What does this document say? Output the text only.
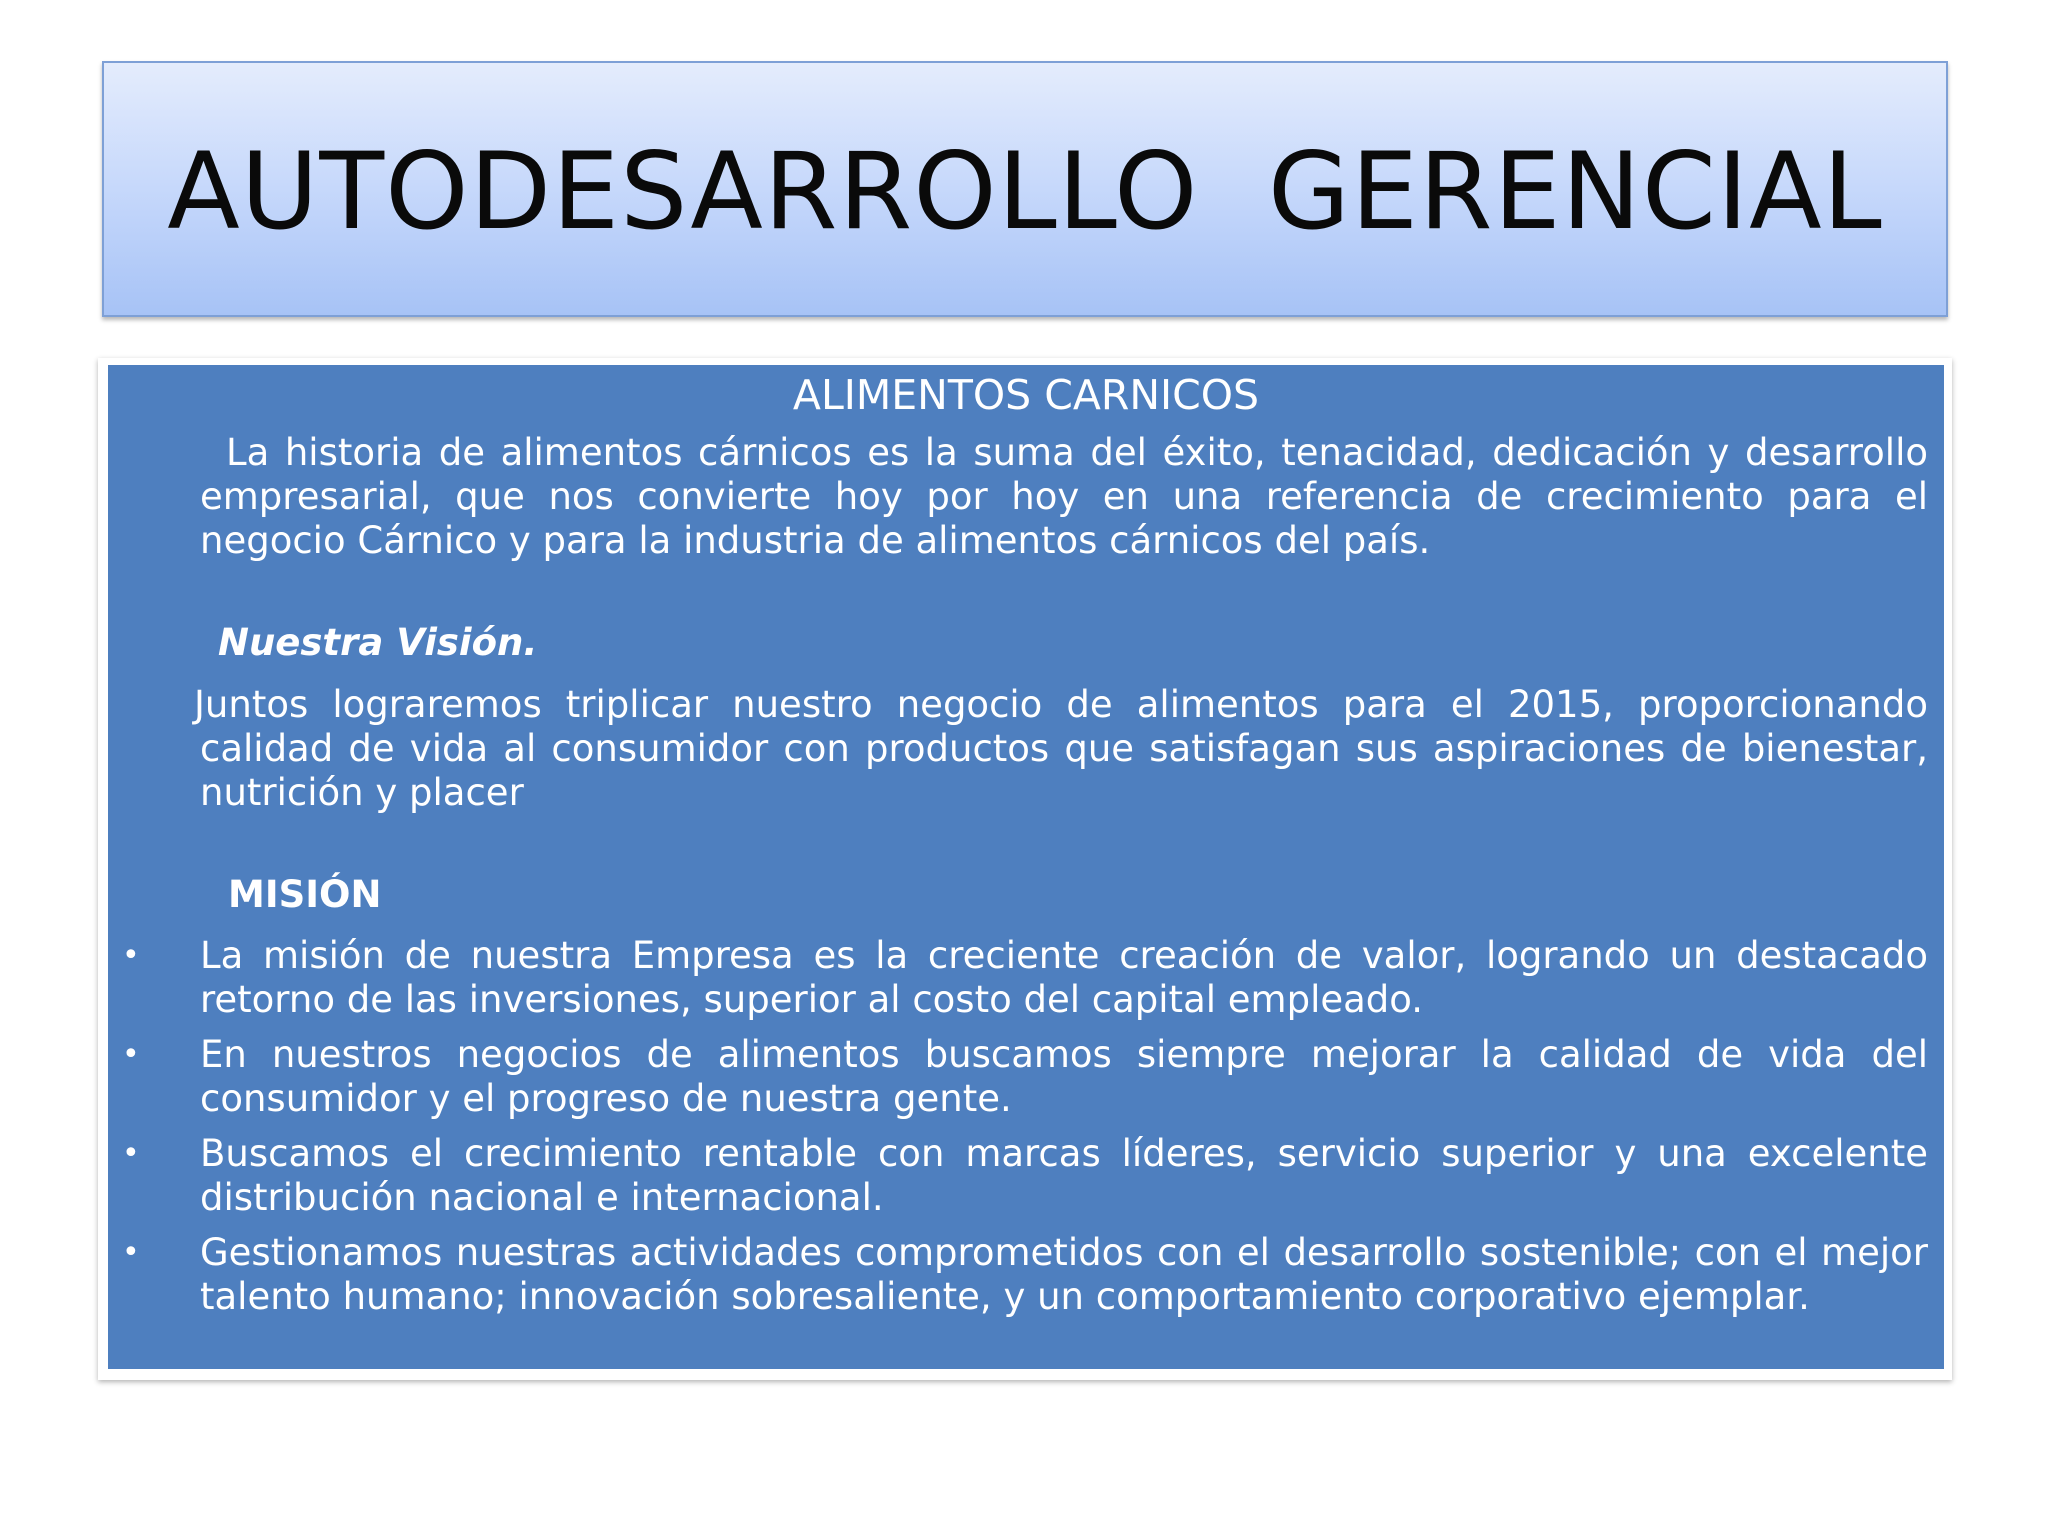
AUTODESARROLLO  GERENCIAL
ALIMENTOS CARNICOS
La historia de alimentos cárnicos es la suma del éxito, tenacidad, dedicación y desarrollo empresarial, que nos convierte hoy por hoy en una referencia de crecimiento para el negocio Cárnico y para la industria de alimentos cárnicos del país.
Nuestra Visión.
Juntos lograremos triplicar nuestro negocio de alimentos para el 2015, proporcionando calidad de vida al consumidor con productos que satisfagan sus aspiraciones de bienestar, nutrición y placer
MISIÓN
•	La misión de nuestra Empresa es la creciente creación de valor, logrando un destacado retorno de las inversiones, superior al costo del capital empleado.
•	En nuestros negocios de alimentos buscamos siempre mejorar la calidad de vida del consumidor y el progreso de nuestra gente.
•	Buscamos el crecimiento rentable con marcas líderes, servicio superior y una excelente distribución nacional e internacional.
•	Gestionamos nuestras actividades comprometidos con el desarrollo sostenible; con el mejor talento humano; innovación sobresaliente, y un comportamiento corporativo ejemplar.
